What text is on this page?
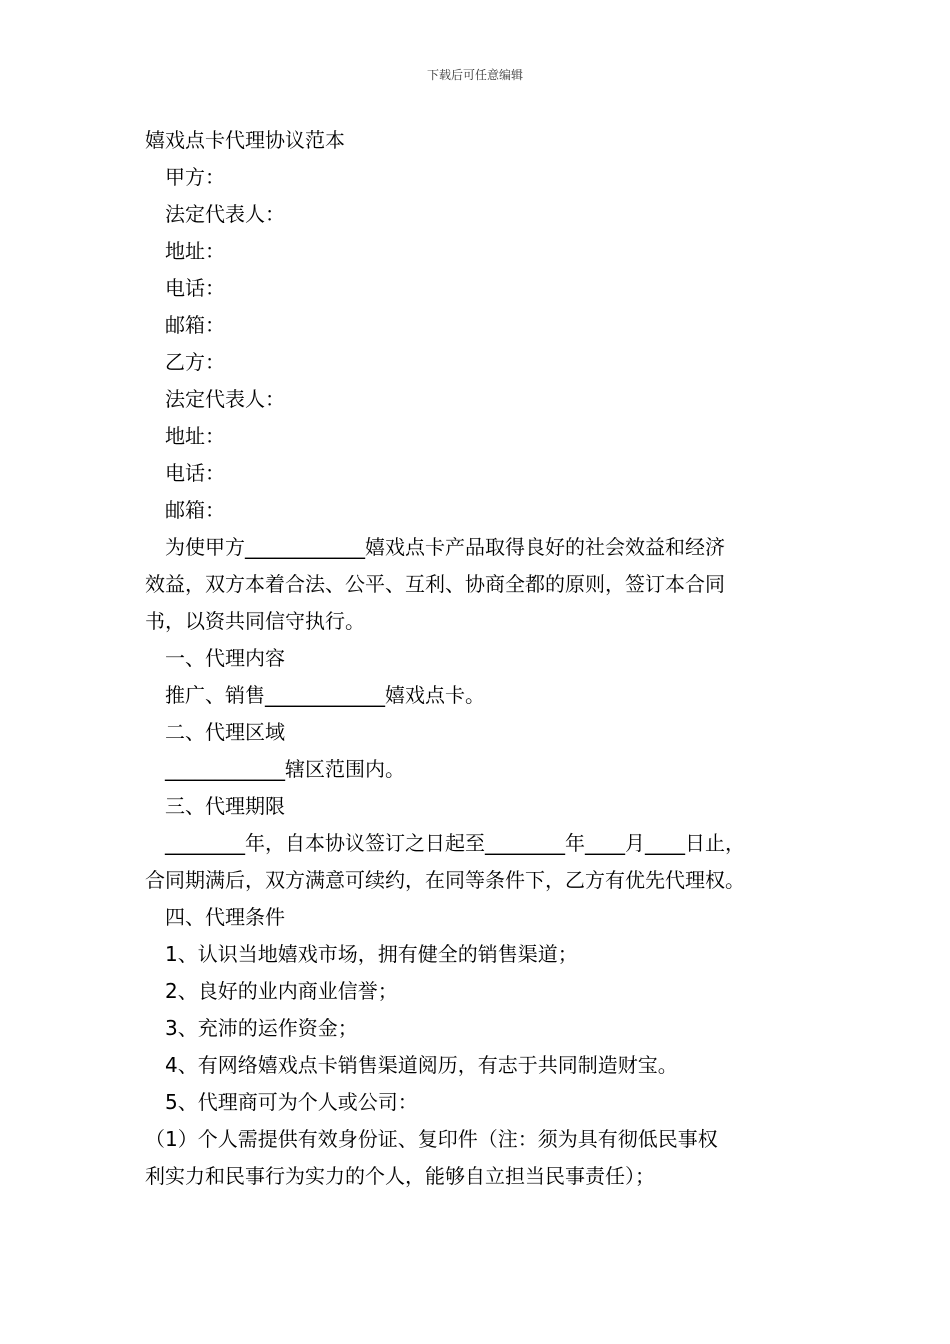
下载后可任意编辑
嬉戏点卡代理协议范本
甲方：
法定代表人：
地址：
电话：
邮箱：
乙方：
法定代表人：
地址：
电话：
邮箱：
为使甲方____________嬉戏点卡产品取得良好的社会效益和经济
效益，双方本着合法、公平、互利、协商全都的原则，签订本合同
书，以资共同信守执行。
一、代理内容
推广、销售____________嬉戏点卡。
二、代理区域
____________辖区范围内。
三、代理期限
________年，自本协议签订之日起至________年____月____日止，
合同期满后，双方满意可续约，在同等条件下，乙方有优先代理权。
四、代理条件
1、认识当地嬉戏市场，拥有健全的销售渠道；
2、良好的业内商业信誉；
3、充沛的运作资金；
4、有网络嬉戏点卡销售渠道阅历，有志于共同制造财宝。
5、代理商可为个人或公司：
（1）个人需提供有效身份证、复印件（注：须为具有彻低民事权
利实力和民事行为实力的个人，能够自立担当民事责任）；
